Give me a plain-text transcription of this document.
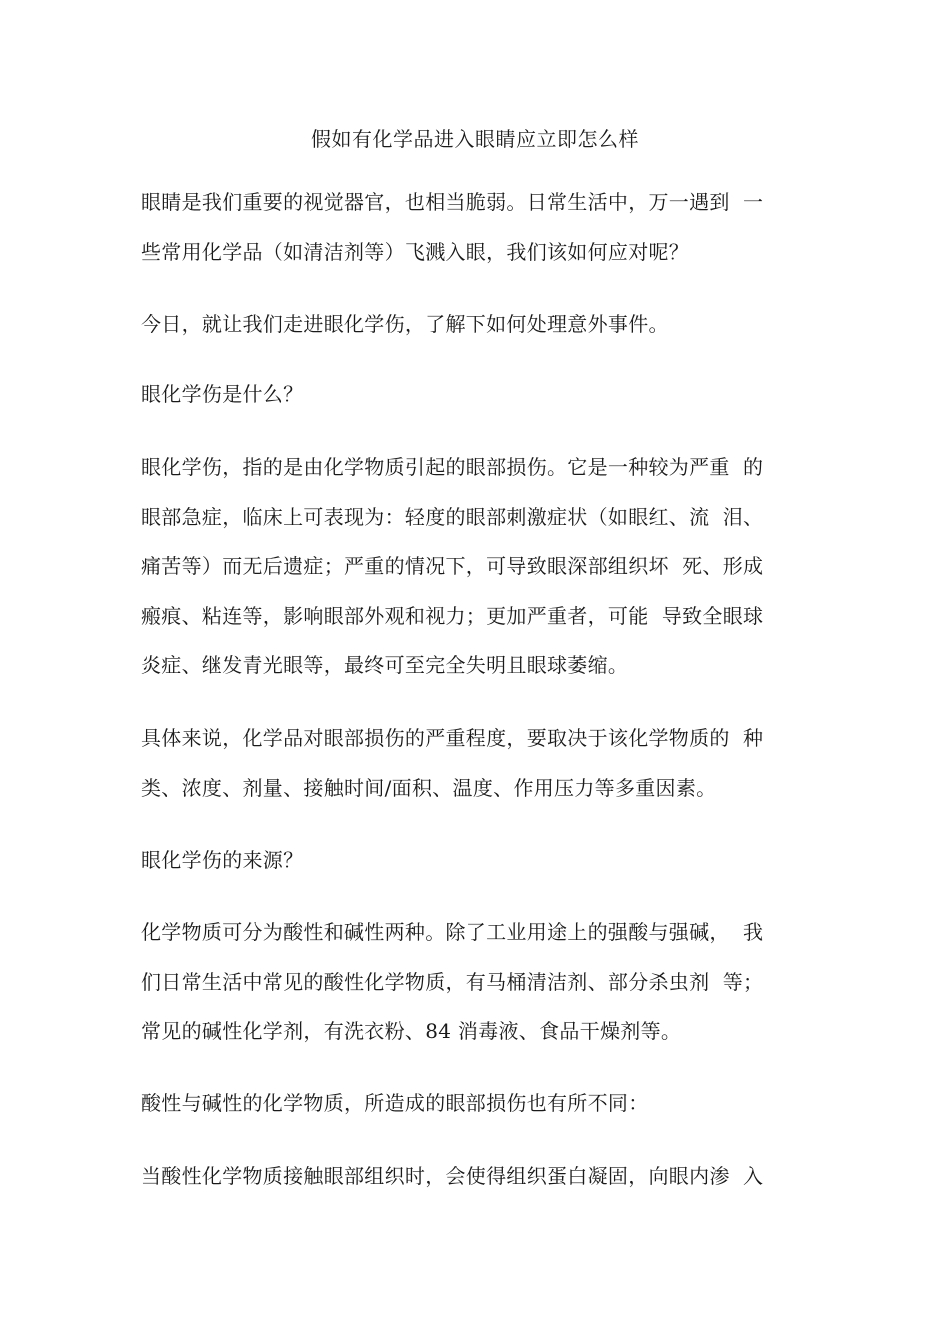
假如有化学品进入眼睛应立即怎么样
眼睛是我们重要的视觉器官，也相当脆弱。日常生活中，万一遇到  一
些常用化学品（如清洁剂等）飞溅入眼，我们该如何应对呢？
今日，就让我们走进眼化学伤，了解下如何处理意外事件。
眼化学伤是什么？
眼化学伤，指的是由化学物质引起的眼部损伤。它是一种较为严重  的
眼部急症，临床上可表现为：轻度的眼部刺激症状（如眼红、流  泪、
痛苦等）而无后遗症；严重的情况下，可导致眼深部组织坏  死、形成
瘢痕、粘连等，影响眼部外观和视力；更加严重者，可能  导致全眼球
炎症、继发青光眼等，最终可至完全失明且眼球萎缩。
具体来说，化学品对眼部损伤的严重程度，要取决于该化学物质的  种
类、浓度、剂量、接触时间/面积、温度、作用压力等多重因素。
眼化学伤的来源？
化学物质可分为酸性和碱性两种。除了工业用途上的强酸与强碱，  我
们日常生活中常见的酸性化学物质，有马桶清洁剂、部分杀虫剂  等；
常见的碱性化学剂，有洗衣粉、84 消毒液、食品干燥剂等。
酸性与碱性的化学物质，所造成的眼部损伤也有所不同：
当酸性化学物质接触眼部组织时，会使得组织蛋白凝固，向眼内渗  入
